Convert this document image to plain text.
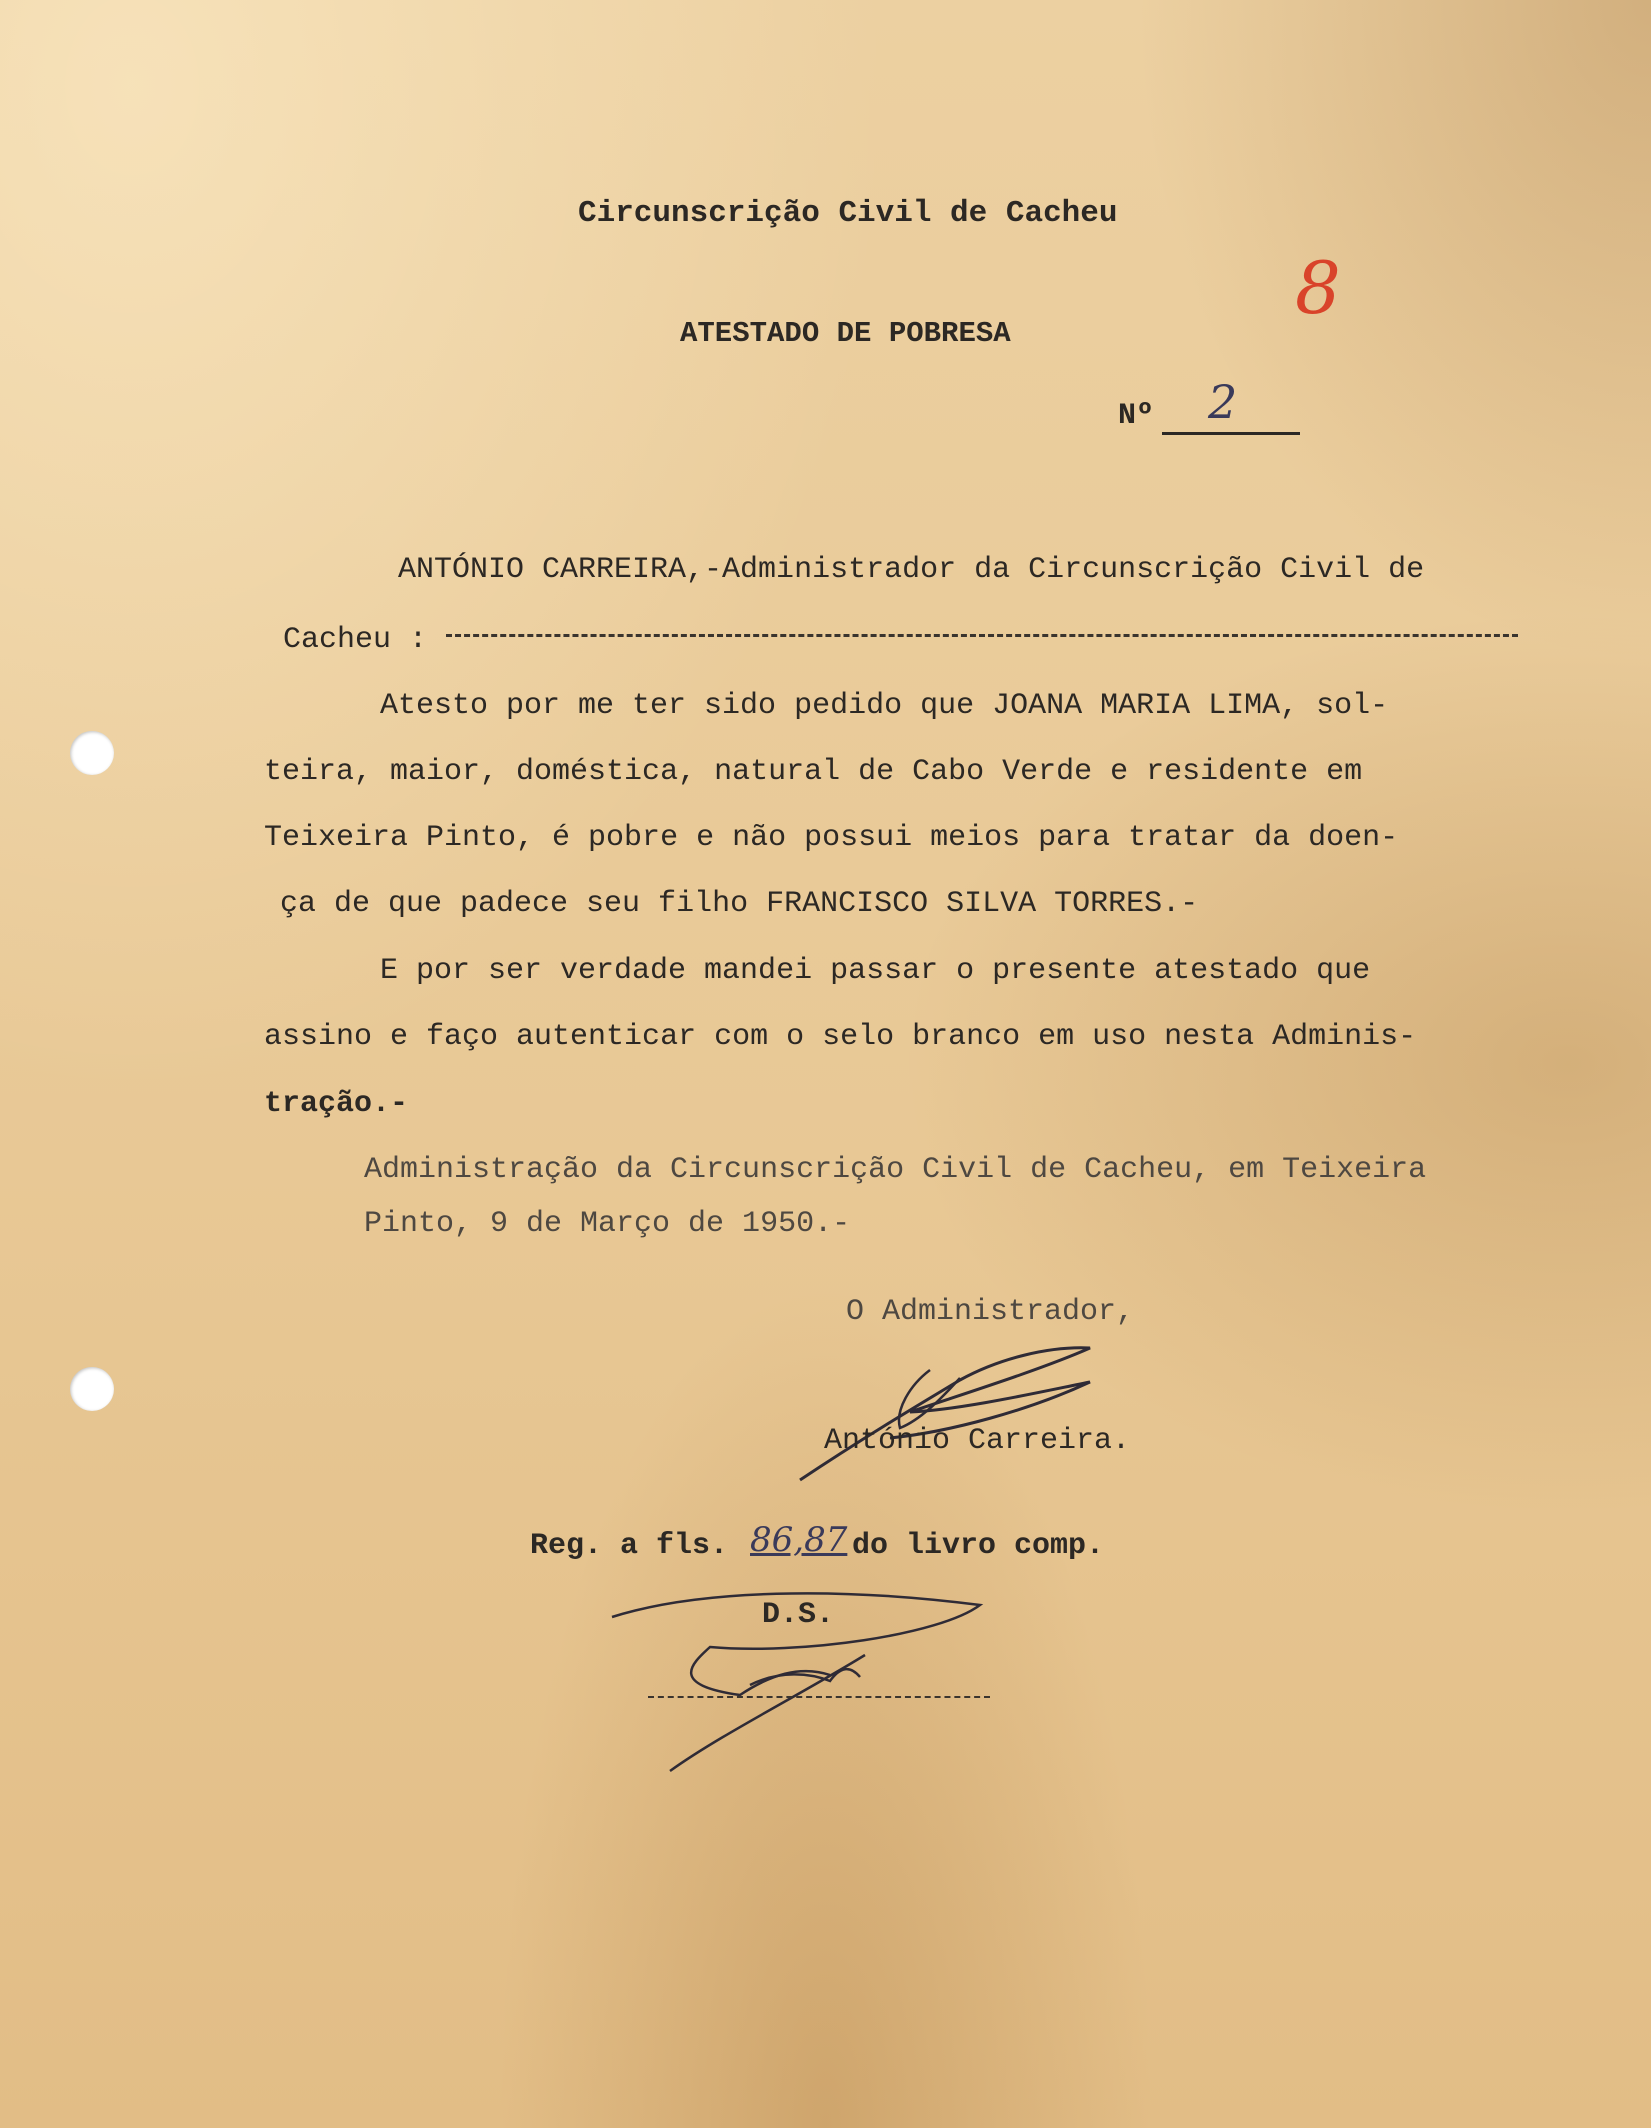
Circunscrição Civil de Cacheu

ATESTADO DE POBRESA

8

Nº 2

ANTÓNIO CARREIRA,-Administrador da Circunscrição Civil de

Cacheu :

Atesto por me ter sido pedido que JOANA MARIA LIMA, sol-

teira, maior, doméstica, natural de Cabo Verde e residente em

Teixeira Pinto, é pobre e não possui meios para tratar da doen-

ça de que padece seu filho FRANCISCO SILVA TORRES.-

E por ser verdade mandei passar o presente atestado que

assino e faço autenticar com o selo branco em uso nesta Adminis-

tração.-

Administração da Circunscrição Civil de Cacheu, em Teixeira

Pinto, 9 de Março de 1950.-

O Administrador,

António Carreira.

Reg. a fls. 86,87 do livro comp.

D.S.
